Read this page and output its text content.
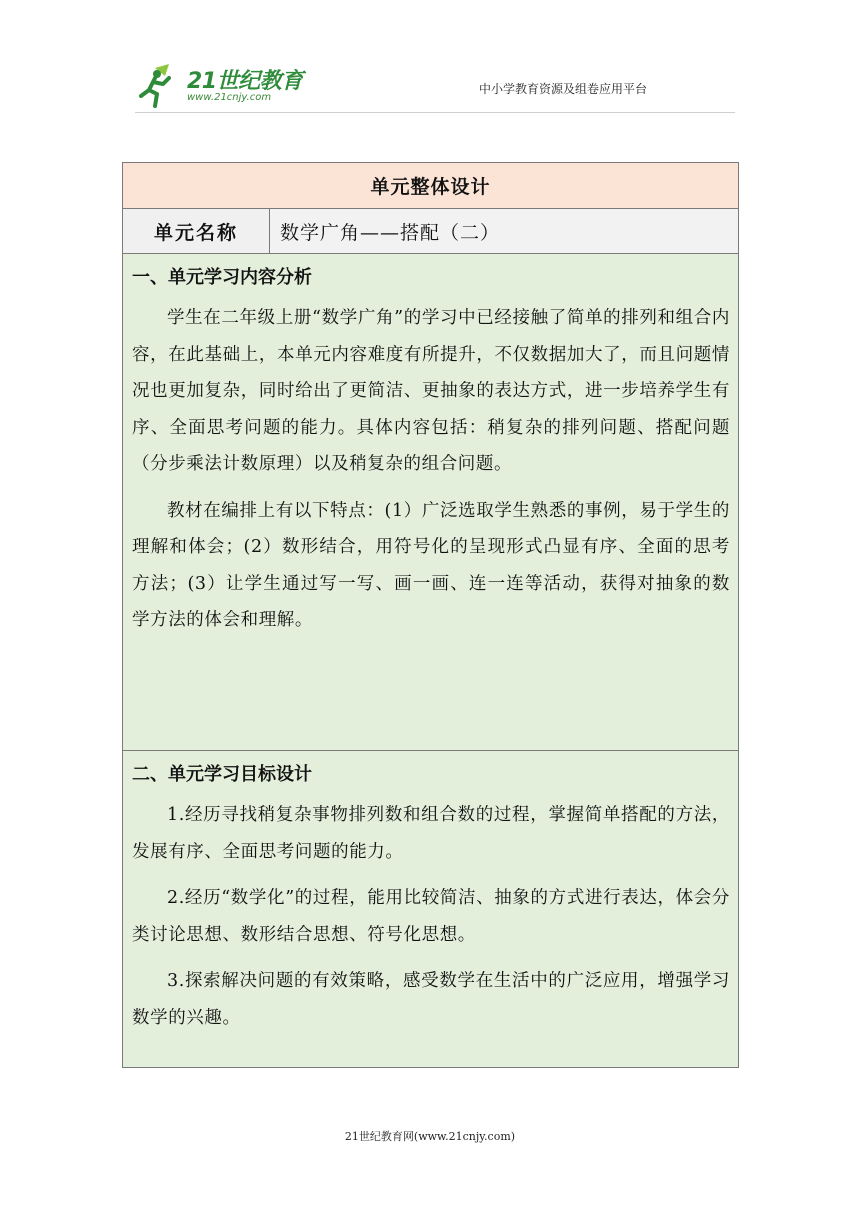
21世纪教育
www.21cnjy.com
中小学教育资源及组卷应用平台
单元整体设计
单元名称	数学广角——搭配（二）

一、单元学习内容分析

学生在二年级上册“数学广角”的学习中已经接触了简单的排列和组合内容，在此基础上，本单元内容难度有所提升，不仅数据加大了，而且问题情况也更加复杂，同时给出了更简洁、更抽象的表达方式，进一步培养学生有序、全面思考问题的能力。具体内容包括：稍复杂的排列问题、搭配问题（分步乘法计数原理）以及稍复杂的组合问题。

教材在编排上有以下特点：(1）广泛选取学生熟悉的事例，易于学生的理解和体会；(2）数形结合，用符号化的呈现形式凸显有序、全面的思考方法；(3）让学生通过写一写、画一画、连一连等活动，获得对抽象的数学方法的体会和理解。

二、单元学习目标设计

1.经历寻找稍复杂事物排列数和组合数的过程，掌握简单搭配的方法，发展有序、全面思考问题的能力。

2.经历“数学化”的过程，能用比较简洁、抽象的方式进行表达，体会分类讨论思想、数形结合思想、符号化思想。

3.探索解决问题的有效策略，感受数学在生活中的广泛应用，增强学习数学的兴趣。

21世纪教育网(www.21cnjy.com)
